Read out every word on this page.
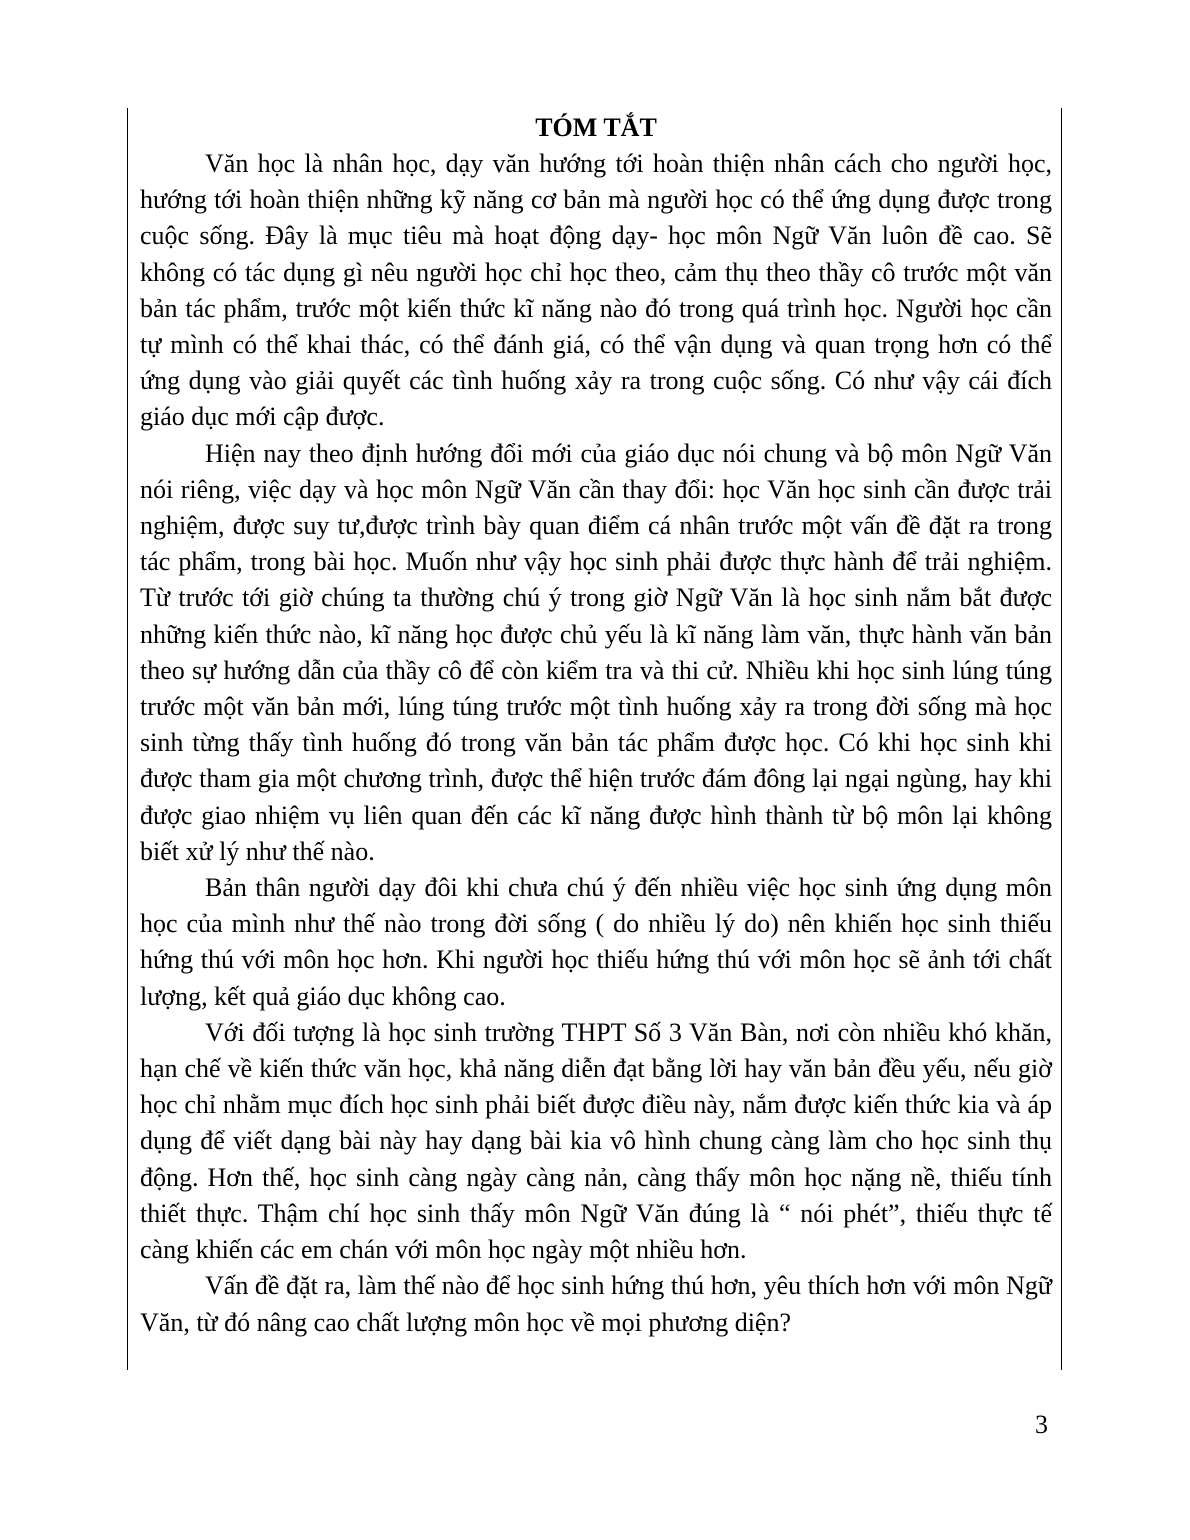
TÓM TẮT

Văn học là nhân học, dạy văn hướng tới hoàn thiện nhân cách cho người học, hướng tới hoàn thiện những kỹ năng cơ bản mà người học có thể ứng dụng được trong cuộc sống. Đây là mục tiêu mà hoạt động dạy- học môn Ngữ Văn luôn đề cao. Sẽ không có tác dụng gì nêu người học chỉ học theo, cảm thụ theo thầy cô trước một văn bản tác phẩm, trước một kiến thức kĩ năng nào đó trong quá trình học. Người học cần tự mình có thể khai thác, có thể đánh giá, có thể vận dụng và quan trọng hơn có thể ứng dụng vào giải quyết các tình huống xảy ra trong cuộc sống. Có như vậy cái đích giáo dục mới cập được.

Hiện nay theo định hướng đổi mới của giáo dục nói chung và bộ môn Ngữ Văn nói riêng, việc dạy và học môn Ngữ Văn cần thay đổi: học Văn học sinh cần được trải nghiệm, được suy tư,được trình bày quan điểm cá nhân trước một vấn đề đặt ra trong tác phẩm, trong bài học. Muốn như vậy học sinh phải được thực hành để trải nghiệm. Từ trước tới giờ chúng ta thường chú ý trong giờ Ngữ Văn là học sinh nắm bắt được những kiến thức nào, kĩ năng học được chủ yếu là kĩ năng làm văn, thực hành văn bản theo sự hướng dẫn của thầy cô để còn kiểm tra và thi cử. Nhiều khi học sinh lúng túng trước một văn bản mới, lúng túng trước một tình huống xảy ra trong đời sống mà học sinh từng thấy tình huống đó trong văn bản tác phẩm được học. Có khi học sinh khi được tham gia một chương trình, được thể hiện trước đám đông lại ngại ngùng, hay khi được giao nhiệm vụ liên quan đến các kĩ năng được hình thành từ bộ môn lại không biết xử lý như thế nào.

Bản thân người dạy đôi khi chưa chú ý đến nhiều việc học sinh ứng dụng môn học của mình như thế nào trong đời sống ( do nhiều lý do) nên khiến học sinh thiếu hứng thú với môn học hơn. Khi người học thiếu hứng thú với môn học sẽ ảnh tới chất lượng, kết quả giáo dục không cao.

Với đối tượng là học sinh trường THPT Số 3 Văn Bàn, nơi còn nhiều khó khăn, hạn chế về kiến thức văn học, khả năng diễn đạt bằng lời hay văn bản đều yếu, nếu giờ học chỉ nhằm mục đích học sinh phải biết được điều này, nắm được kiến thức kia và áp dụng để viết dạng bài này hay dạng bài kia vô hình chung càng làm cho học sinh thụ động. Hơn thế, học sinh càng ngày càng nản, càng thấy môn học nặng nề, thiếu tính thiết thực. Thậm chí học sinh thấy môn Ngữ Văn đúng là “ nói phét”, thiếu thực tế càng khiến các em chán với môn học ngày một nhiều hơn.

Vấn đề đặt ra, làm thế nào để học sinh hứng thú hơn, yêu thích hơn với môn Ngữ Văn, từ đó nâng cao chất lượng môn học về mọi phương diện?

3
